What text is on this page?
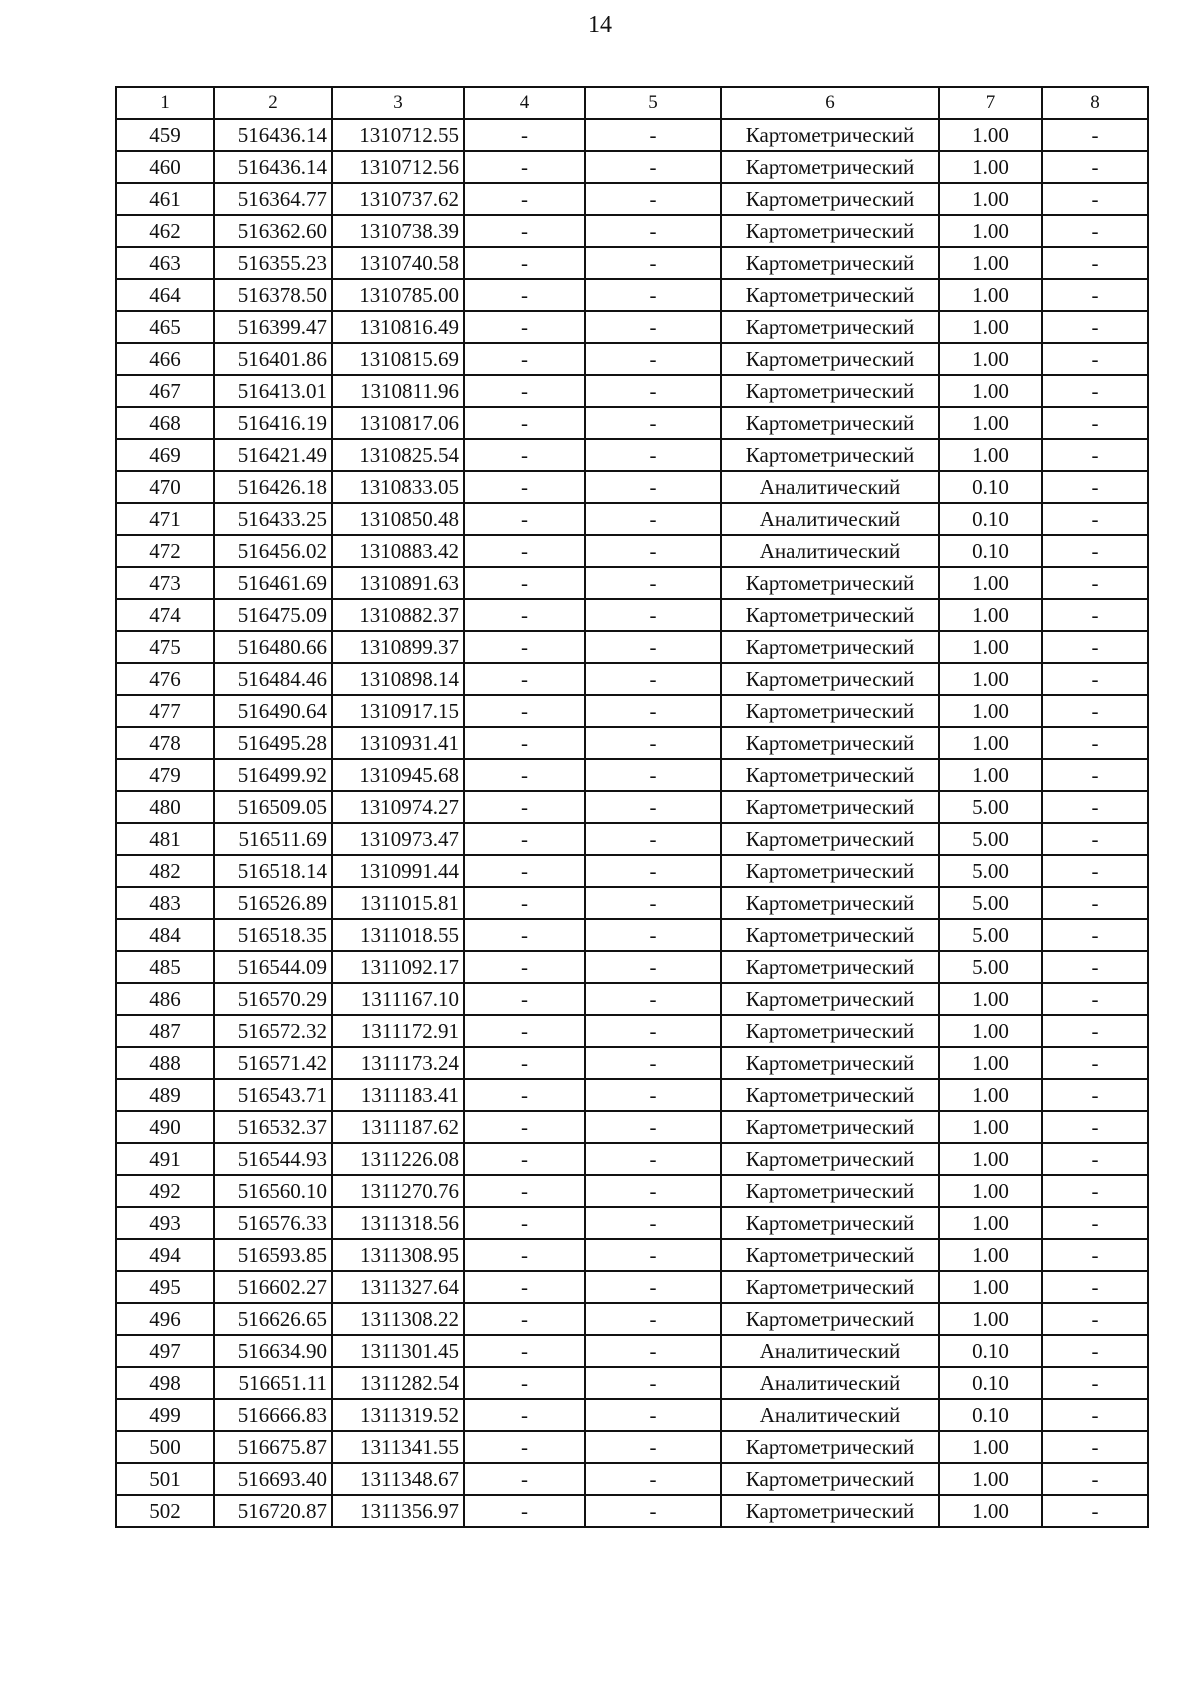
14
1	2	3	4	5	6	7	8
459	516436.14	1310712.55	-	-	Картометрический	1.00	-
460	516436.14	1310712.56	-	-	Картометрический	1.00	-
461	516364.77	1310737.62	-	-	Картометрический	1.00	-
462	516362.60	1310738.39	-	-	Картометрический	1.00	-
463	516355.23	1310740.58	-	-	Картометрический	1.00	-
464	516378.50	1310785.00	-	-	Картометрический	1.00	-
465	516399.47	1310816.49	-	-	Картометрический	1.00	-
466	516401.86	1310815.69	-	-	Картометрический	1.00	-
467	516413.01	1310811.96	-	-	Картометрический	1.00	-
468	516416.19	1310817.06	-	-	Картометрический	1.00	-
469	516421.49	1310825.54	-	-	Картометрический	1.00	-
470	516426.18	1310833.05	-	-	Аналитический	0.10	-
471	516433.25	1310850.48	-	-	Аналитический	0.10	-
472	516456.02	1310883.42	-	-	Аналитический	0.10	-
473	516461.69	1310891.63	-	-	Картометрический	1.00	-
474	516475.09	1310882.37	-	-	Картометрический	1.00	-
475	516480.66	1310899.37	-	-	Картометрический	1.00	-
476	516484.46	1310898.14	-	-	Картометрический	1.00	-
477	516490.64	1310917.15	-	-	Картометрический	1.00	-
478	516495.28	1310931.41	-	-	Картометрический	1.00	-
479	516499.92	1310945.68	-	-	Картометрический	1.00	-
480	516509.05	1310974.27	-	-	Картометрический	5.00	-
481	516511.69	1310973.47	-	-	Картометрический	5.00	-
482	516518.14	1310991.44	-	-	Картометрический	5.00	-
483	516526.89	1311015.81	-	-	Картометрический	5.00	-
484	516518.35	1311018.55	-	-	Картометрический	5.00	-
485	516544.09	1311092.17	-	-	Картометрический	5.00	-
486	516570.29	1311167.10	-	-	Картометрический	1.00	-
487	516572.32	1311172.91	-	-	Картометрический	1.00	-
488	516571.42	1311173.24	-	-	Картометрический	1.00	-
489	516543.71	1311183.41	-	-	Картометрический	1.00	-
490	516532.37	1311187.62	-	-	Картометрический	1.00	-
491	516544.93	1311226.08	-	-	Картометрический	1.00	-
492	516560.10	1311270.76	-	-	Картометрический	1.00	-
493	516576.33	1311318.56	-	-	Картометрический	1.00	-
494	516593.85	1311308.95	-	-	Картометрический	1.00	-
495	516602.27	1311327.64	-	-	Картометрический	1.00	-
496	516626.65	1311308.22	-	-	Картометрический	1.00	-
497	516634.90	1311301.45	-	-	Аналитический	0.10	-
498	516651.11	1311282.54	-	-	Аналитический	0.10	-
499	516666.83	1311319.52	-	-	Аналитический	0.10	-
500	516675.87	1311341.55	-	-	Картометрический	1.00	-
501	516693.40	1311348.67	-	-	Картометрический	1.00	-
502	516720.87	1311356.97	-	-	Картометрический	1.00	-
